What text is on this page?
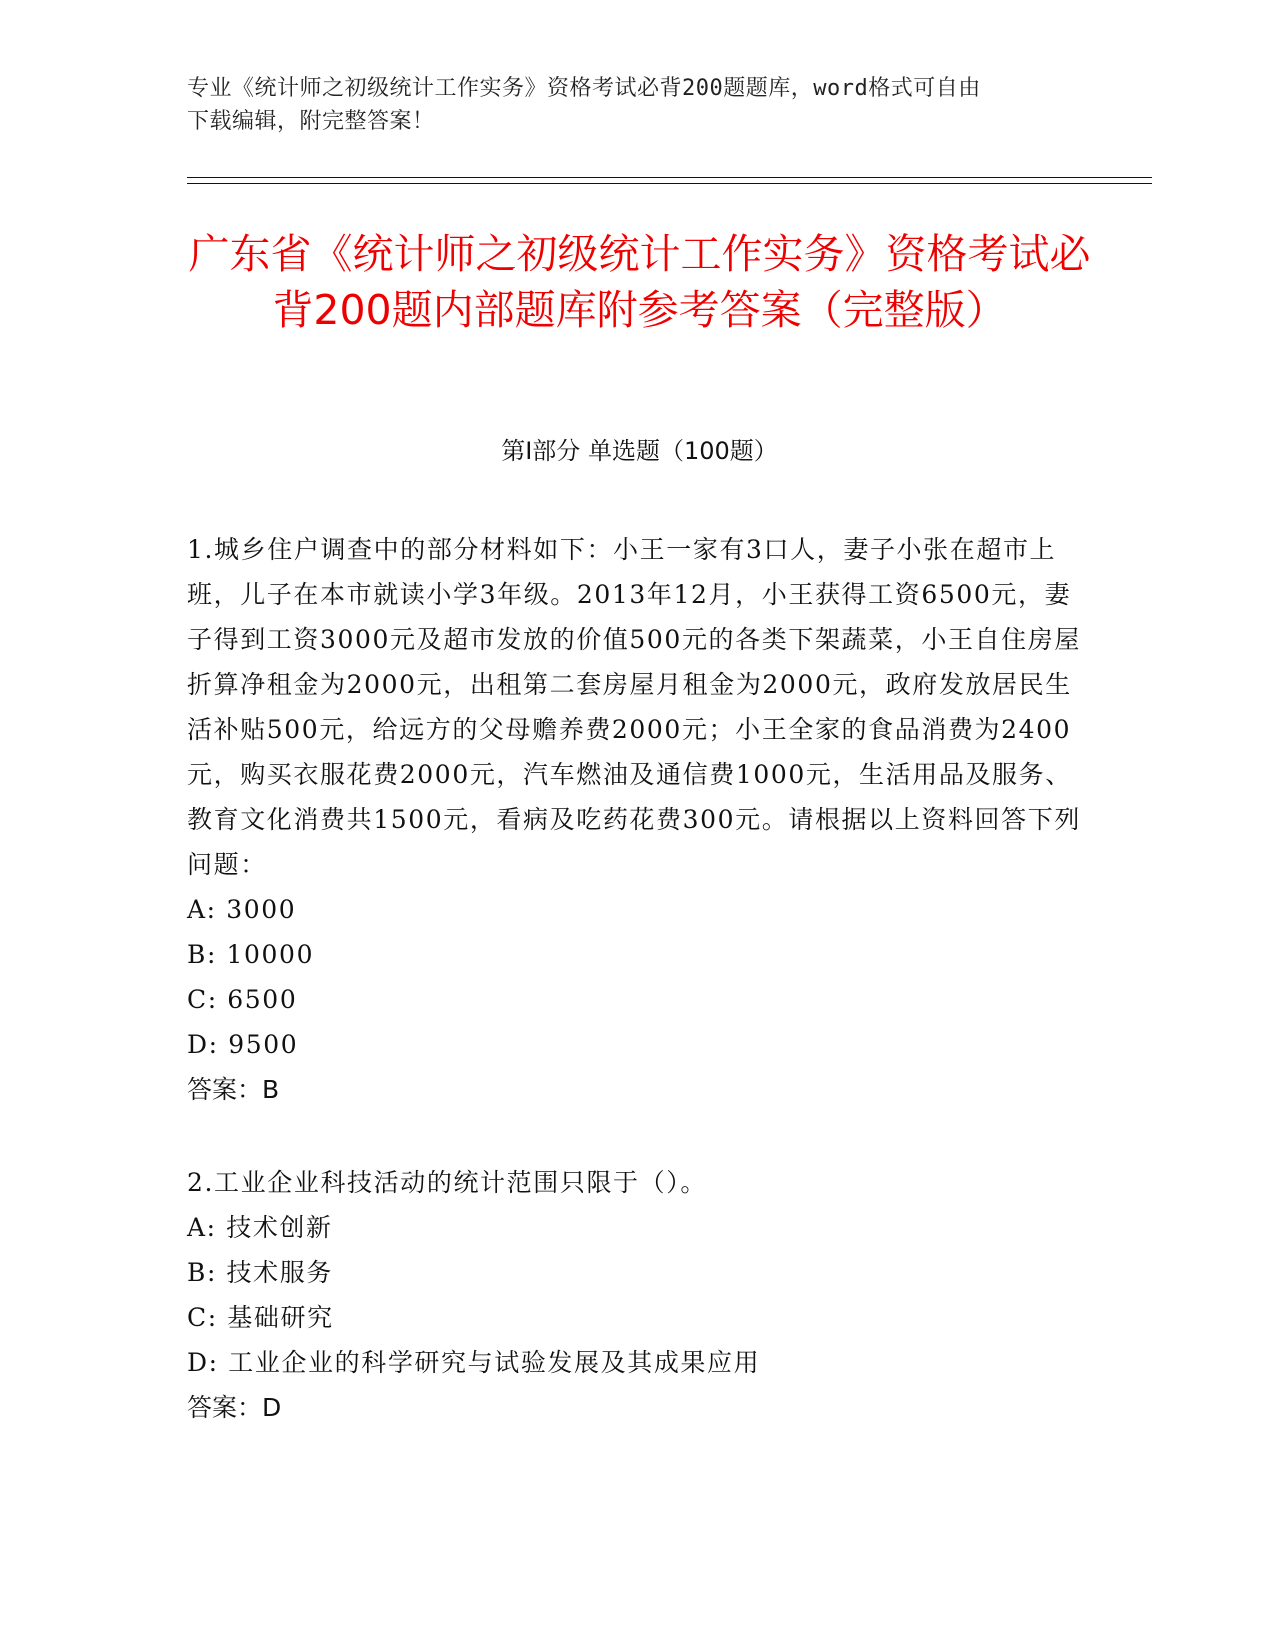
专业《统计师之初级统计工作实务》资格考试必背200题题库，word格式可自由
下载编辑，附完整答案！
广东省《统计师之初级统计工作实务》资格考试必背200题内部题库附参考答案（完整版）
第Ⅰ部分 单选题（100题）

1.城乡住户调查中的部分材料如下：小王一家有3口人，妻子小张在超市上班，儿子在本市就读小学3年级。2013年12月，小王获得工资6500元，妻子得到工资3000元及超市发放的价值500元的各类下架蔬菜，小王自住房屋折算净租金为2000元，出租第二套房屋月租金为2000元，政府发放居民生活补贴500元，给远方的父母赡养费2000元；小王全家的食品消费为2400元，购买衣服花费2000元，汽车燃油及通信费1000元，生活用品及服务、教育文化消费共1500元，看病及吃药花费300元。请根据以上资料回答下列问题：

A: 3000

B: 10000

C: 6500

D: 9500

答案：B

2.工业企业科技活动的统计范围只限于（）。

A: 技术创新

B: 技术服务

C: 基础研究

D: 工业企业的科学研究与试验发展及其成果应用

答案：D
